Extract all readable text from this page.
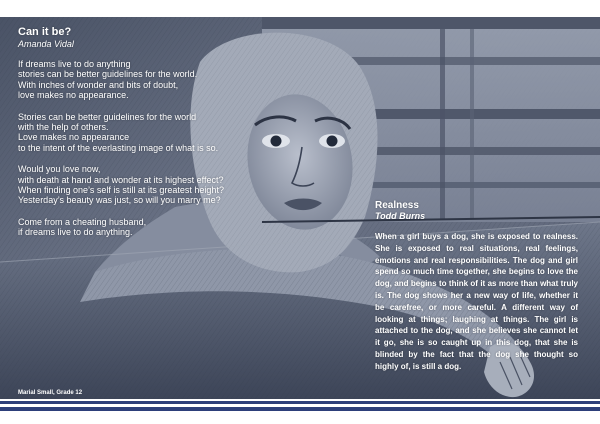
Can it be?

Amanda Vidal

If dreams live to do anything
stories can be better guidelines for the world.
With inches of wonder and bits of doubt,
love makes no appearance.
Stories can be better guidelines for the world
with the help of others.
Love makes no appearance
to the intent of the everlasting image of what is so.
Would you love now,
with death at hand and wonder at its highest effect?
When finding one’s self is still at its greatest height?
Yesterday’s beauty was just, so will you marry me?
Come from a cheating husband,
if dreams live to do anything.
Marial Small, Grade 12

Realness

Todd Burns

When a girl buys a dog, she is exposed to realness. She is exposed to real situations, real feelings, emotions and real responsibilities. The dog and girl spend so much time together, she begins to love the dog, and begins to think of it as more than what truly is. The dog shows her a new way of life, whether it be carefree, or more careful. A different way of looking at things; laughing at things. The girl is attached to the dog, and she believes she cannot let it go, she is so caught up in this dog, that she is blinded by the fact that the dog she thought so highly of, is still a dog.
